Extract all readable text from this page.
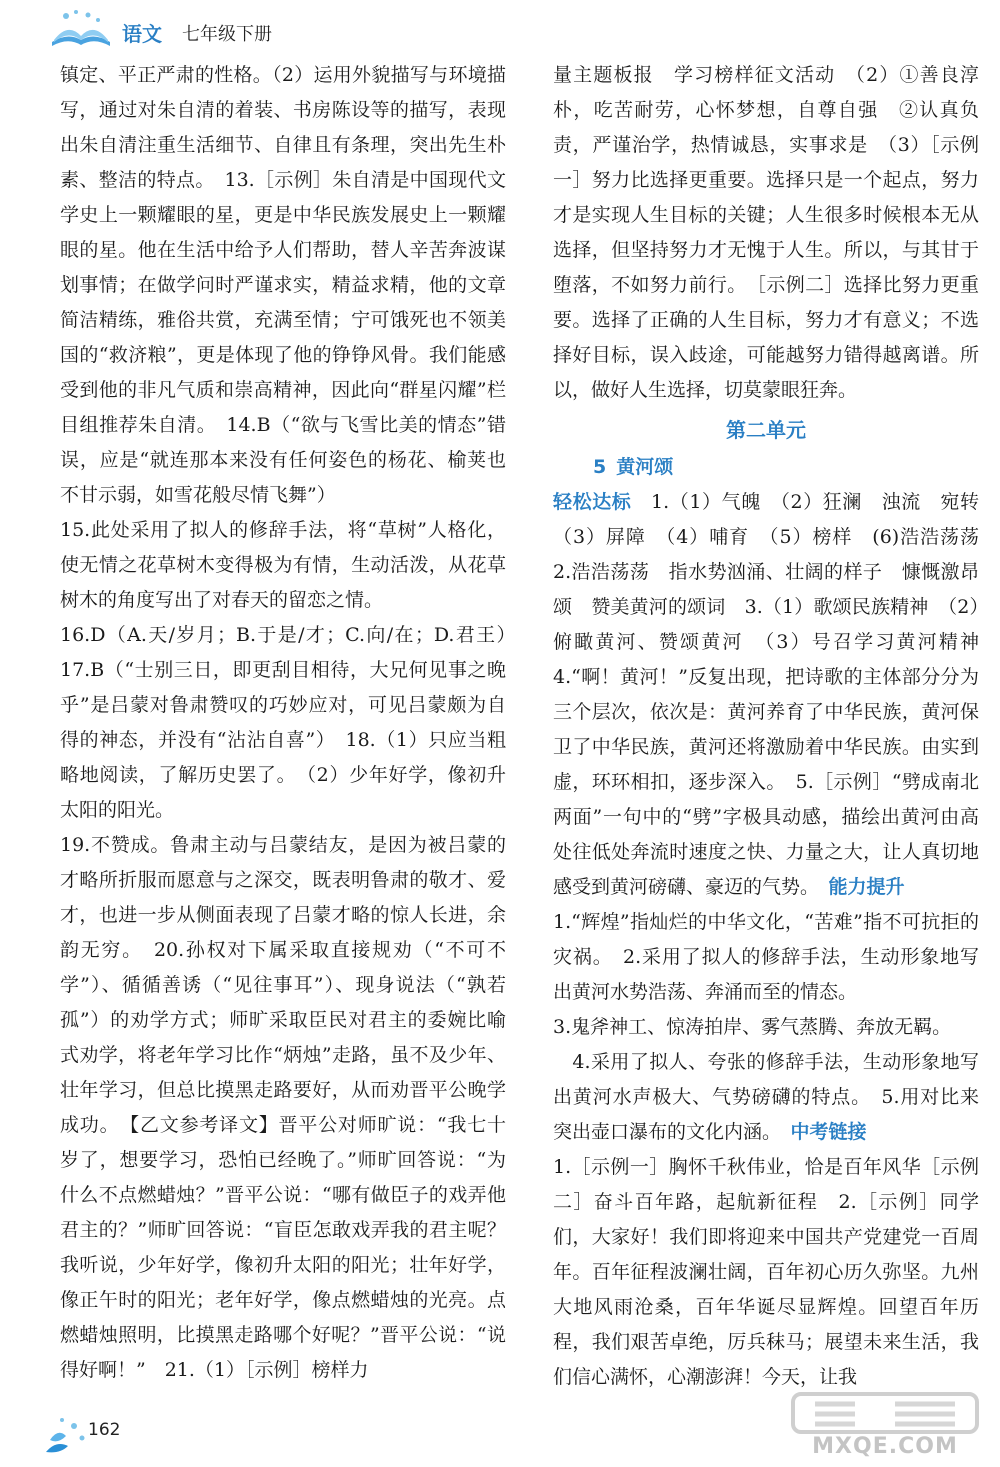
语文 七年级下册

镇定、平正严肃的性格。（2）运用外貌描写与环境描写，通过对朱自清的着装、书房陈设等的描写，表现出朱自清注重生活细节、自律且有条理，突出先生朴素、整洁的特点。　13.［示例］朱自清是中国现代文学史上一颗耀眼的星，更是中华民族发展史上一颗耀眼的星。他在生活中给予人们帮助，替人辛苦奔波谋划事情；在做学问时严谨求实，精益求精，他的文章简洁精练，雅俗共赏，充满至情；宁可饿死也不领美国的“救济粮”，更是体现了他的铮铮风骨。我们能感受到他的非凡气质和崇高精神，因此向“群星闪耀”栏目组推荐朱自清。　14.B（“欲与飞雪比美的情态”错误，应是“就连那本来没有任何姿色的杨花、榆荚也不甘示弱，如雪花般尽情飞舞”）

15.此处采用了拟人的修辞手法，将“草树”人格化，使无情之花草树木变得极为有情，生动活泼，从花草树木的角度写出了对春天的留恋之情。

16.D（A.天/岁月；B.于是/才；C.向/在；D.君王）　17.B（“士别三日，即更刮目相待，大兄何见事之晚乎”是吕蒙对鲁肃赞叹的巧妙应对，可见吕蒙颇为自得的神态，并没有“沾沾自喜”）　18.（1）只应当粗略地阅读，了解历史罢了。　（2）少年好学，像初升太阳的阳光。

19.不赞成。鲁肃主动与吕蒙结友，是因为被吕蒙的才略所折服而愿意与之深交，既表明鲁肃的敬才、爱才，也进一步从侧面表现了吕蒙才略的惊人长进，余韵无穷。　20.孙权对下属采取直接规劝（“不可不学”）、循循善诱（“见往事耳”）、现身说法（“孰若孤”）的劝学方式；师旷采取臣民对君主的委婉比喻式劝学，将老年学习比作“炳烛”走路，虽不及少年、壮年学习，但总比摸黑走路要好，从而劝晋平公晚学成功。　【乙文参考译文】晋平公对师旷说：“我七十岁了，想要学习，恐怕已经晚了。”师旷回答说：“为什么不点燃蜡烛？”晋平公说：“哪有做臣子的戏弄他君主的？”师旷回答说：“盲臣怎敢戏弄我的君主呢？我听说，少年好学，像初升太阳的阳光；壮年好学，像正午时的阳光；老年好学，像点燃蜡烛的光亮。点燃蜡烛照明，比摸黑走路哪个好呢？”晋平公说：“说得好啊！”　21.（1）［示例］榜样力

量主题板报　学习榜样征文活动　（2）①善良淳朴，吃苦耐劳，心怀梦想，自尊自强　②认真负责，严谨治学，热情诚恳，实事求是　（3）［示例一］努力比选择更重要。选择只是一个起点，努力才是实现人生目标的关键；人生很多时候根本无从选择，但坚持努力才无愧于人生。所以，与其甘于堕落，不如努力前行。　［示例二］选择比努力更重要。选择了正确的人生目标，努力才有意义；不选择好目标，误入歧途，可能越努力错得越离谱。所以，做好人生选择，切莫蒙眼狂奔。

第二单元
5 黄河颂

轻松达标　1.（1）气魄　（2）狂澜　浊流　宛转　（3）屏障　（4）哺育　（5）榜样　(6)浩浩荡荡　2.浩浩荡荡　指水势汹涌、壮阔的样子　慷慨激昂　颂　赞美黄河的颂词　3.（1）歌颂民族精神　（2）俯瞰黄河、赞颂黄河　（3）号召学习黄河精神　4.“啊！黄河！”反复出现，把诗歌的主体部分分为三个层次，依次是：黄河养育了中华民族，黄河保卫了中华民族，黄河还将激励着中华民族。由实到虚，环环相扣，逐步深入。　5.［示例］“劈成南北两面”一句中的“劈”字极具动感，描绘出黄河由高处往低处奔流时速度之快、力量之大，让人真切地感受到黄河磅礴、豪迈的气势。　能力提升

1.“辉煌”指灿烂的中华文化，“苦难”指不可抗拒的灾祸。　2.采用了拟人的修辞手法，生动形象地写出黄河水势浩荡、奔涌而至的情态。

3.鬼斧神工、惊涛拍岸、雾气蒸腾、奔放无羁。

　4.采用了拟人、夸张的修辞手法，生动形象地写出黄河水声极大、气势磅礴的特点。　5.用对比来突出壶口瀑布的文化内涵。　中考链接

1.［示例一］胸怀千秋伟业，恰是百年风华［示例二］奋斗百年路，起航新征程　2.［示例］同学们，大家好！我们即将迎来中国共产党建党一百周年。百年征程波澜壮阔，百年初心历久弥坚。九州大地风雨沧桑，百年华诞尽显辉煌。回望百年历程，我们艰苦卓绝，厉兵秣马；展望未来生活，我们信心满怀，心潮澎湃！今天，让我

162
MXQE.COM
